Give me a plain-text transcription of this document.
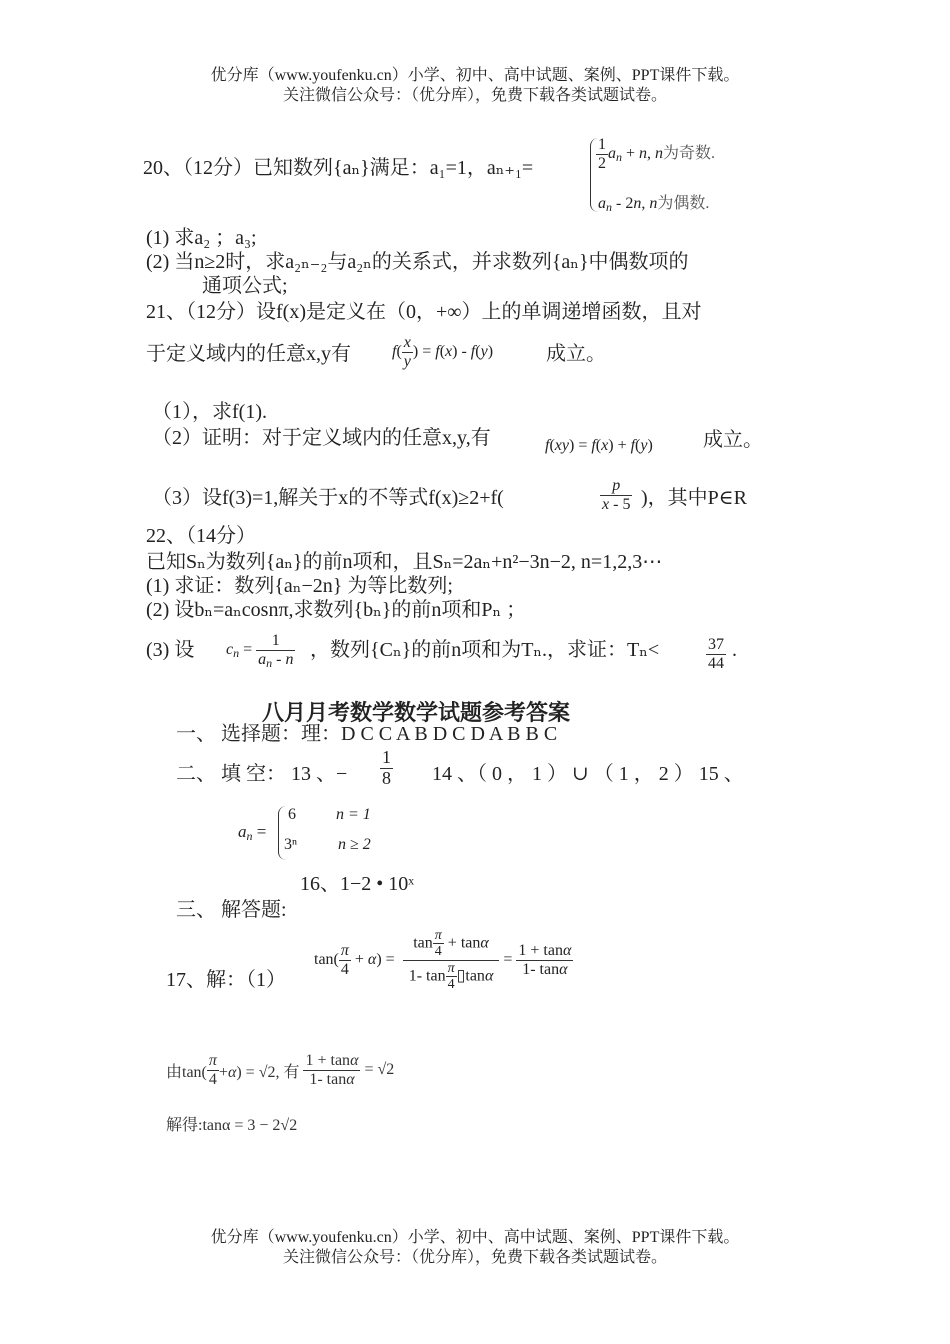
优分库（www.youfenku.cn）小学、初中、高中试题、案例、PPT课件下载。
关注微信公众号：（优分库），免费下载各类试题试卷。
20、（12分）已知数列{aₙ}满足：a₁=1，aₙ₊₁=	$\frac{1}{2} a_n + n$, n为奇数.
$a_n - 2n$, n为偶数.
(1) 求a₂ ；a₃;
(2) 当n≥2时，求a₂ₙ₋₂与a₂ₙ的关系式，并求数列{aₙ}中偶数项的
通项公式;
21、（12分）设f(x)是定义在（0，+∞）上的单调递增函数，且对
于定义域内的任意x,y有	$f( \frac{x}{y}$ ) = f(x) - f(y)	成立。
（1），求f(1).
（2）证明：对于定义域内的任意x,y,有	f(xy) = f(x) + f(y)	成立。
（3）设f(3)=1,解关于x的不等式f(x)≥2+f(	$\frac{p}{x - 5}$ )，其中P∈R
22、（14分）
已知Sₙ为数列{aₙ}的前n项和，且Sₙ=2aₙ+n²−3n−2, n=1,2,3⋯
(1) 求证：数列{aₙ−2n} 为等比数列;
(2) 设bₙ=aₙcosnπ,求数列{bₙ}的前n项和Pₙ ；
(3) 设 $c_n = \frac{1}{a_n - n}$ ，数列{Cₙ}的前n项和为Tₙ.，求证：Tₙ<	$\frac{37}{44}$ .
八月月考数学数学试题参考答案
一、 选择题：理：D C C A B D C D A B B C
二、 填 空： 13 、− $\frac{1}{8} 14$ 、（ 0 ， 1 ） ∪ （ 1 ， 2 ） 15 、
$a_n$ =
6	n = 1
3ⁿ	n ≥ 2
16、1−2 • 10ˣ
三、 解答题:
17、解：（1）
$\tan( \frac{\pi}{4} + \alpha) = \frac{\tan \frac{\pi}{4} + \tan\alpha}{1- \tan \frac{\pi}{4} ▯\tan\alpha} = \frac{1 + \tan\alpha}{1- \tan\alpha}$
由$\tan( \frac{\pi}{4} +\alpha) = √2$, 有 $\frac{1 + \tan\alpha}{1- \tan\alpha} = √2$
解得:tanα = 3 − 2√2
优分库（www.youfenku.cn）小学、初中、高中试题、案例、PPT课件下载。
关注微信公众号：（优分库），免费下载各类试题试卷。
